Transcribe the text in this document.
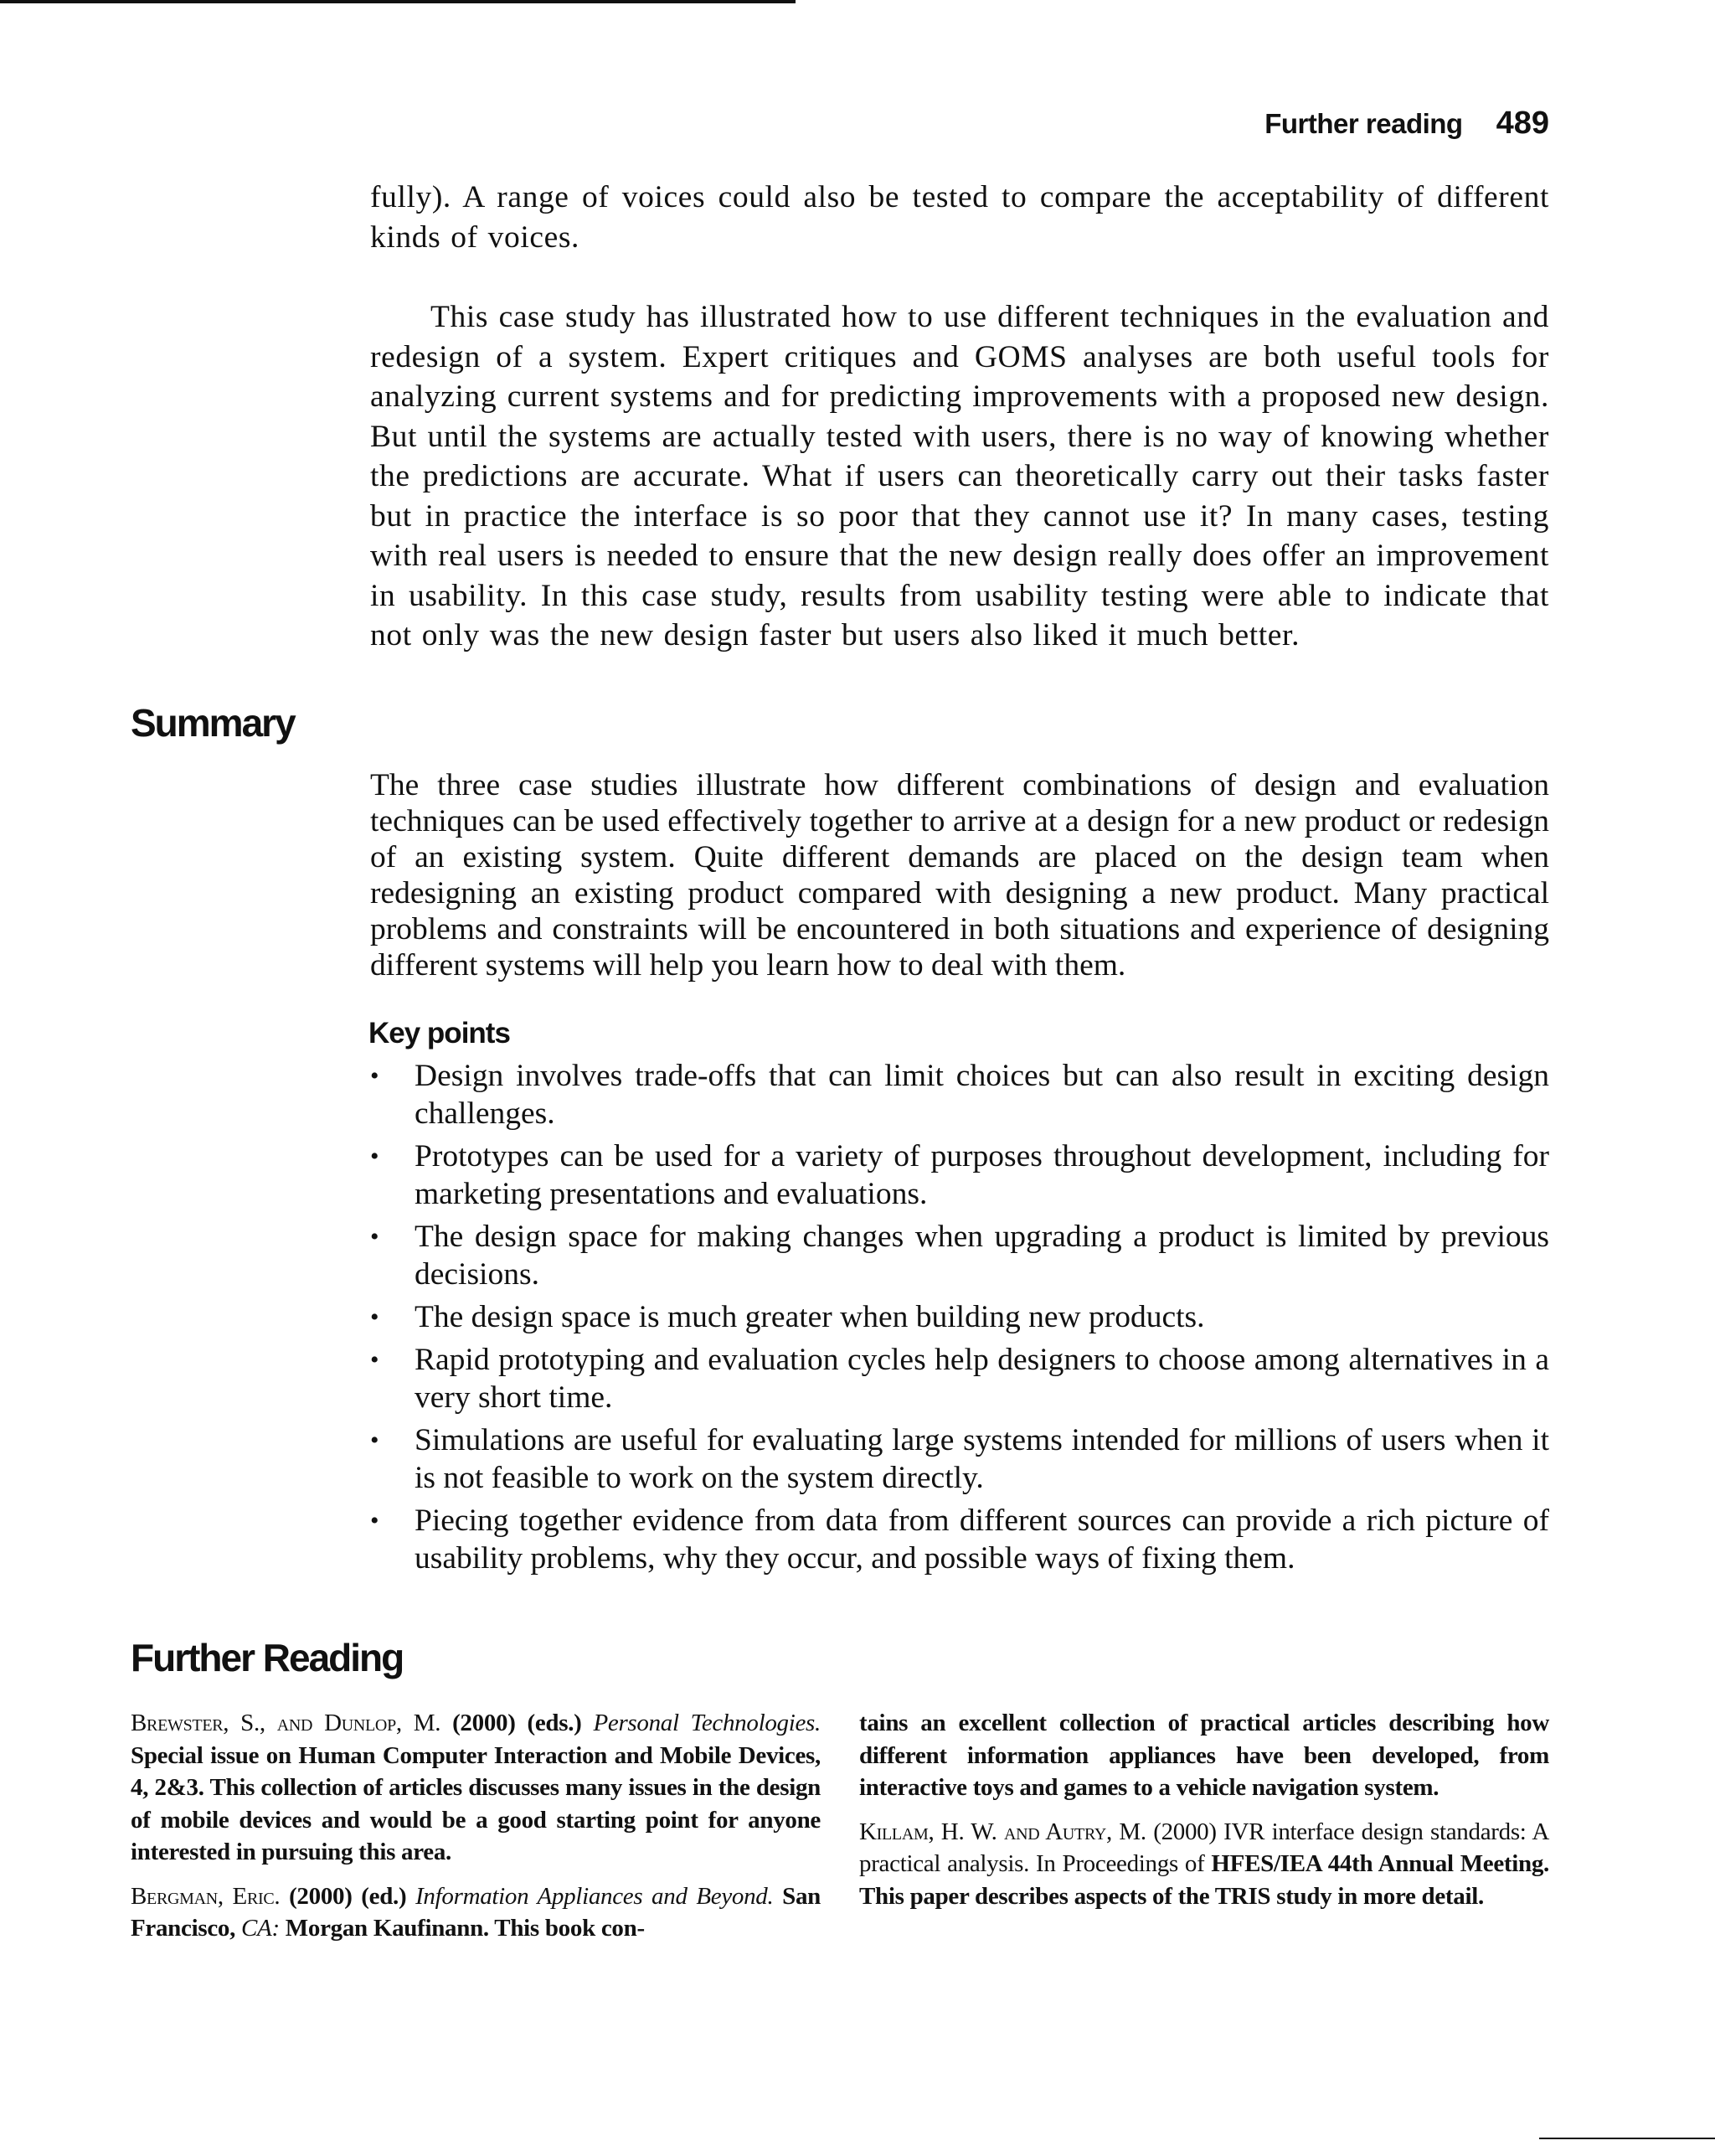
Further reading 489

fully). A range of voices could also be tested to compare the acceptability of different kinds of voices.

This case study has illustrated how to use different techniques in the evaluation and redesign of a system. Expert critiques and GOMS analyses are both useful tools for analyzing current systems and for predicting improvements with a proposed new design. But until the systems are actually tested with users, there is no way of knowing whether the predictions are accurate. What if users can theoretically carry out their tasks faster but in practice the interface is so poor that they cannot use it? In many cases, testing with real users is needed to ensure that the new design really does offer an improvement in usability. In this case study, results from usability testing were able to indicate that not only was the new design faster but users also liked it much better.

Summary

The three case studies illustrate how different combinations of design and evaluation techniques can be used effectively together to arrive at a design for a new product or redesign of an existing system. Quite different demands are placed on the design team when redesigning an existing product compared with designing a new product. Many practical problems and constraints will be encountered in both situations and experience of designing different systems will help you learn how to deal with them.

Key points
•	Design involves trade-offs that can limit choices but can also result in exciting design challenges.
•	Prototypes can be used for a variety of purposes throughout development, including for marketing presentations and evaluations.
•	The design space for making changes when upgrading a product is limited by previous decisions.
•	The design space is much greater when building new products.
•	Rapid prototyping and evaluation cycles help designers to choose among alternatives in a very short time.
•	Simulations are useful for evaluating large systems intended for millions of users when it is not feasible to work on the system directly.
•	Piecing together evidence from data from different sources can provide a rich picture of usability problems, why they occur, and possible ways of fixing them.
Further Reading

Brewster, S., and Dunlop, M. (2000) (eds.) Personal Technologies. Special issue on Human Computer Interaction and Mobile Devices, 4, 2&3. This collection of articles discusses many issues in the design of mobile devices and would be a good starting point for anyone interested in pursuing this area.

Bergman, Eric. (2000) (ed.) Information Appliances and Beyond. San Francisco, CA: Morgan Kaufinann. This book con-

tains an excellent collection of practical articles describing how different information appliances have been developed, from interactive toys and games to a vehicle navigation system.

Killam, H. W. and Autry, M. (2000) IVR interface design standards: A practical analysis. In Proceedings of HFES/IEA 44th Annual Meeting. This paper describes aspects of the TRIS study in more detail.
